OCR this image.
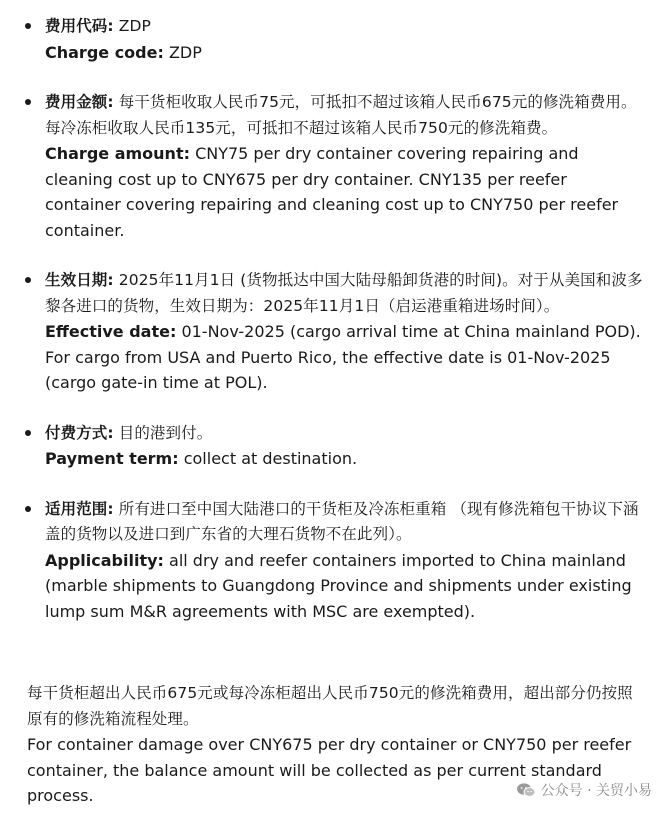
费用代码: ZDP
Charge code: ZDP
费用金额: 每干货柜收取人民币75元，可抵扣不超过该箱人民币675元的修洗箱费用。每冷冻柜收取人民币135元，可抵扣不超过该箱人民币750元的修洗箱费。
Charge amount: CNY75 per dry container covering repairing and cleaning cost up to CNY675 per dry container. CNY135 per reefer container covering repairing and cleaning cost up to CNY750 per reefer container.
生效日期: 2025年11月1日 (货物抵达中国大陆母船卸货港的时间)。对于从美国和波多黎各进口的货物，生效日期为：2025年11月1日（启运港重箱进场时间）。
Effective date: 01-Nov-2025 (cargo arrival time at China mainland POD). For cargo from USA and Puerto Rico, the effective date is 01-Nov-2025 (cargo gate-in time at POL).
付费方式: 目的港到付。
Payment term: collect at destination.
适用范围: 所有进口至中国大陆港口的干货柜及冷冻柜重箱 （现有修洗箱包干协议下涵盖的货物以及进口到广东省的大理石货物不在此列）。
Applicability: all dry and reefer containers imported to China mainland (marble shipments to Guangdong Province and shipments under existing lump sum M&R agreements with MSC are exempted).
每干货柜超出人民币675元或每冷冻柜超出人民币750元的修洗箱费用，超出部分仍按照原有的修洗箱流程处理。
For container damage over CNY675 per dry container or CNY750 per reefer container, the balance amount will be collected as per current standard process.	公众号 · 关贸小易
